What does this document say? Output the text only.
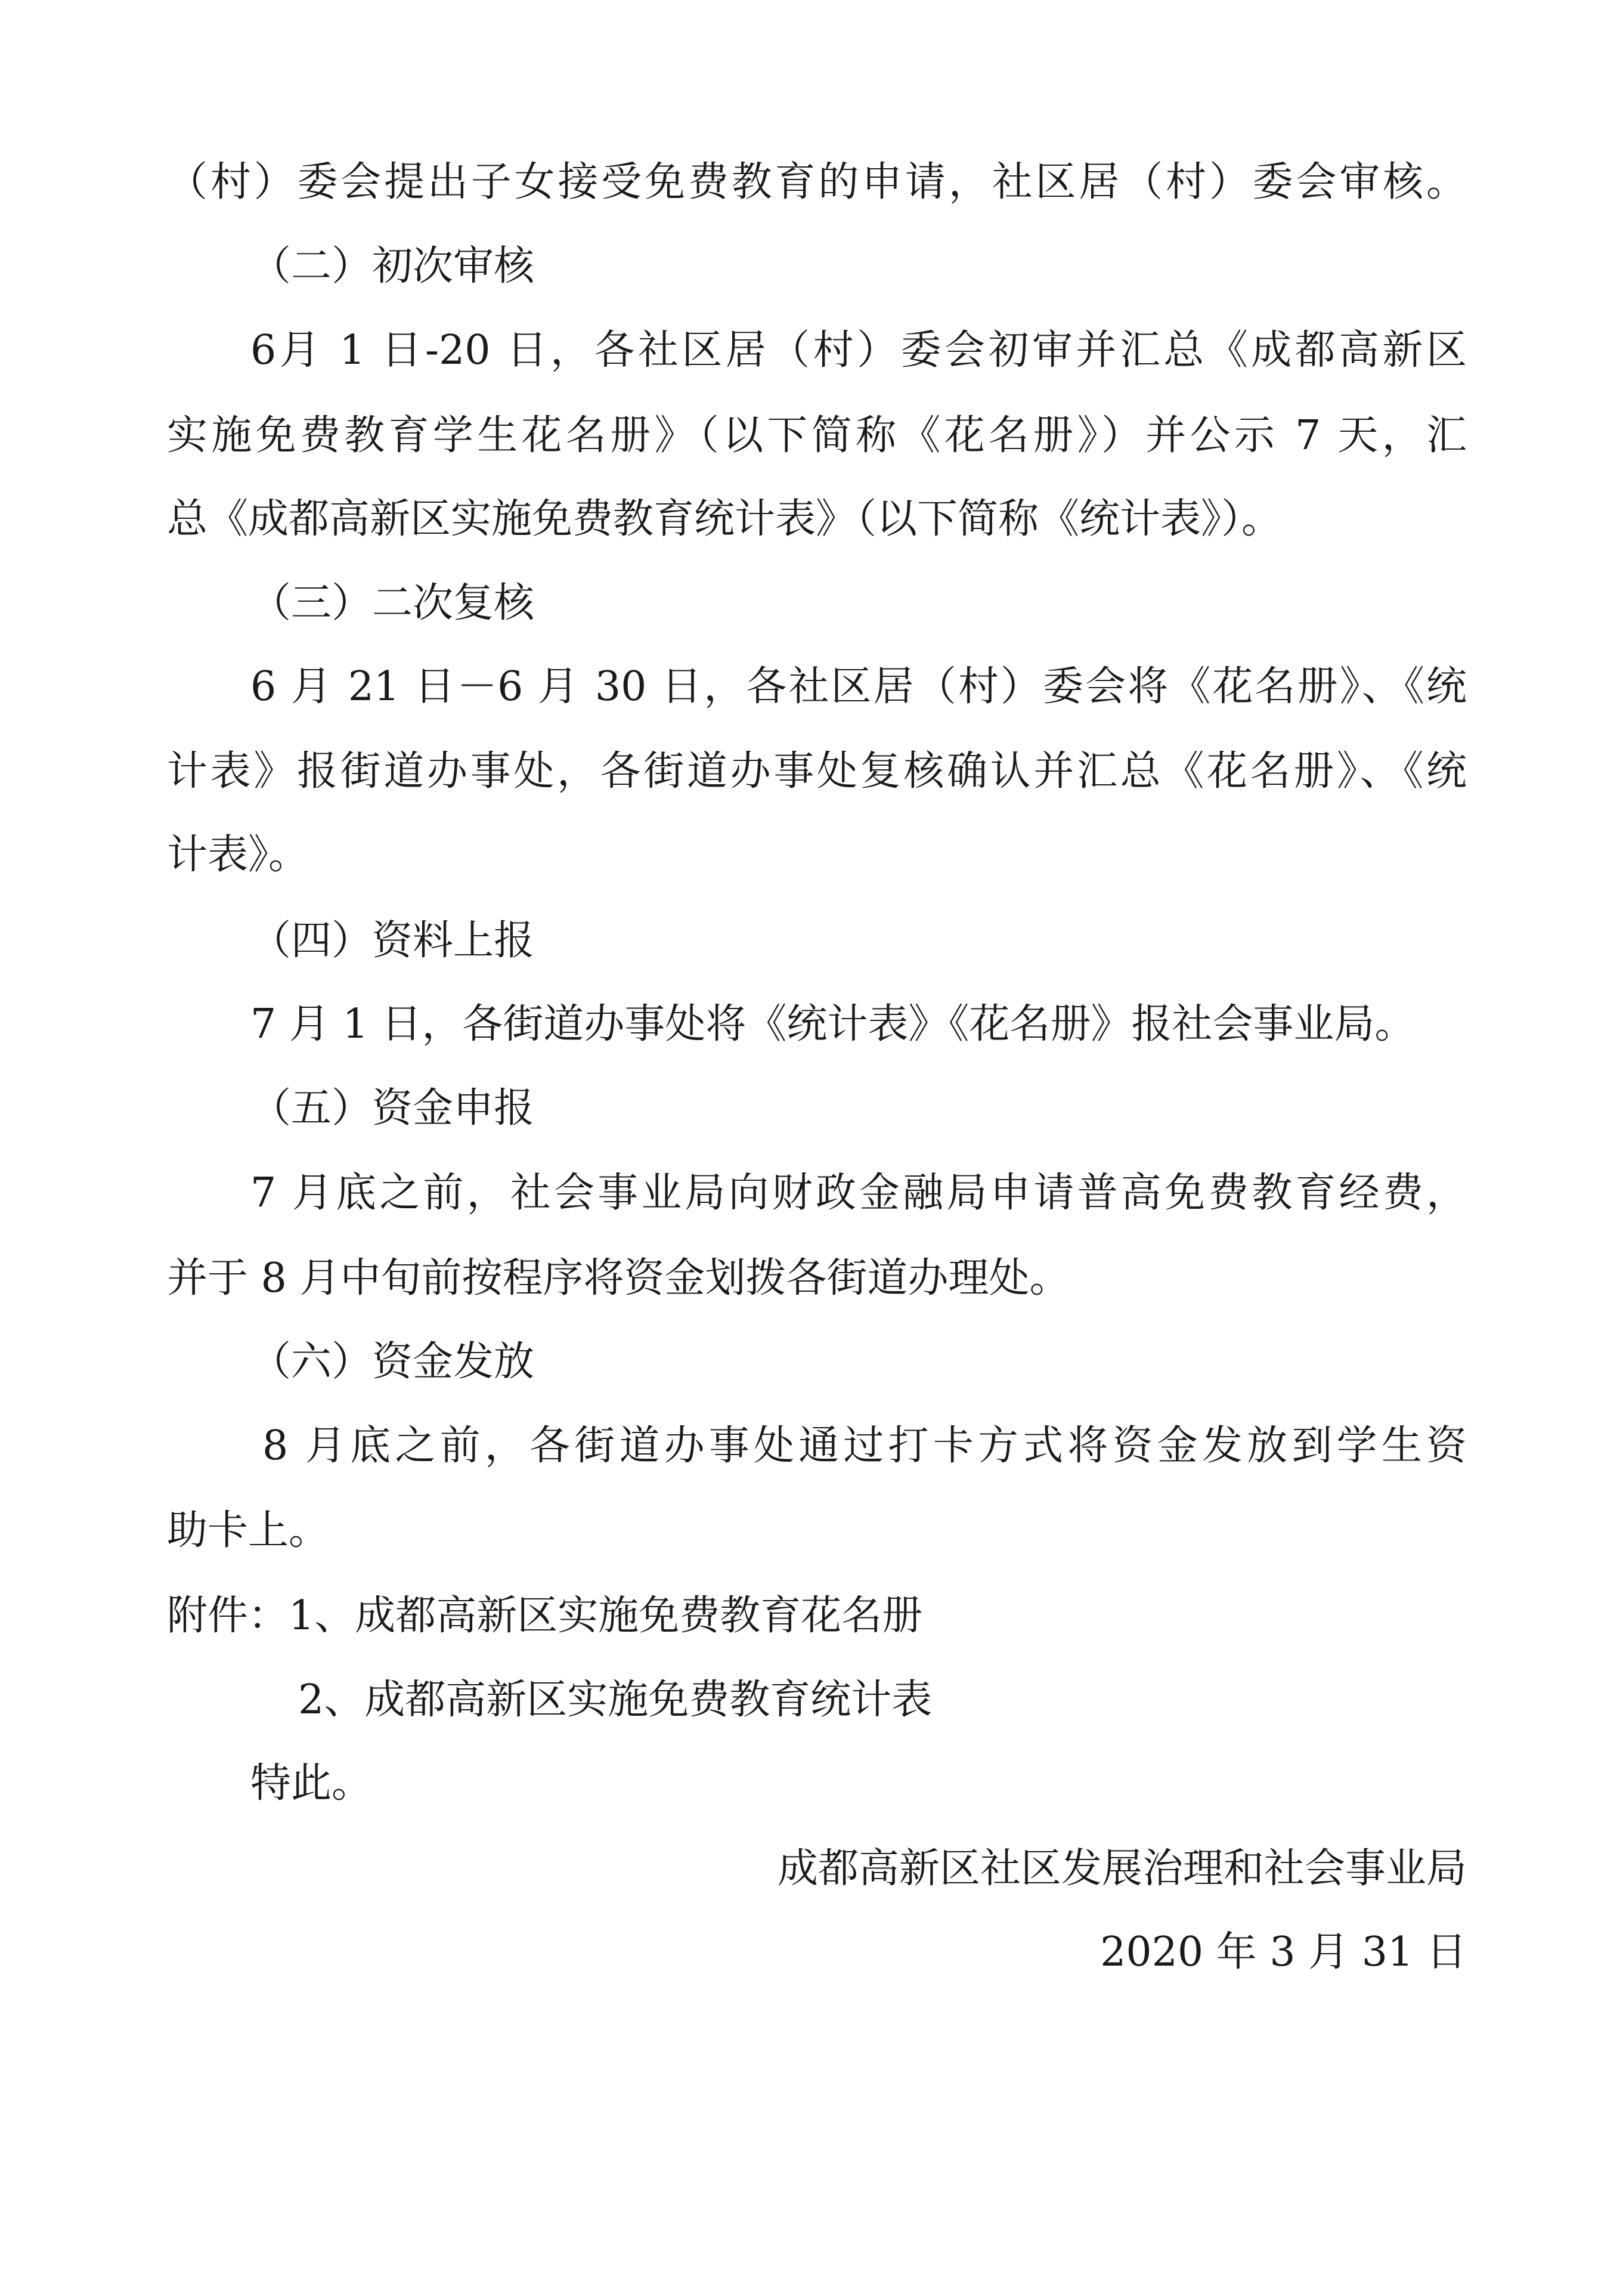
（村）委会提出子女接受免费教育的申请，社区居（村）委会审核。
（二）初次审核
6月 1 日-20 日，各社区居（村）委会初审并汇总《成都高新区
实施免费教育学生花名册》（以下简称《花名册》）并公示 7 天，汇
总《成都高新区实施免费教育统计表》（以下简称《统计表》）。
（三）二次复核
6 月 21 日－6 月 30 日，各社区居（村）委会将《花名册》、《统
计表》报街道办事处，各街道办事处复核确认并汇总《花名册》、《统
计表》。
（四）资料上报
7 月 1 日，各街道办事处将《统计表》《花名册》报社会事业局。
（五）资金申报
7 月底之前，社会事业局向财政金融局申请普高免费教育经费，
并于 8 月中旬前按程序将资金划拨各街道办理处。
（六）资金发放
8 月底之前，各街道办事处通过打卡方式将资金发放到学生资
助卡上。
附件：1、成都高新区实施免费教育花名册
2、成都高新区实施免费教育统计表
特此。
成都高新区社区发展治理和社会事业局
2020 年 3 月 31 日
